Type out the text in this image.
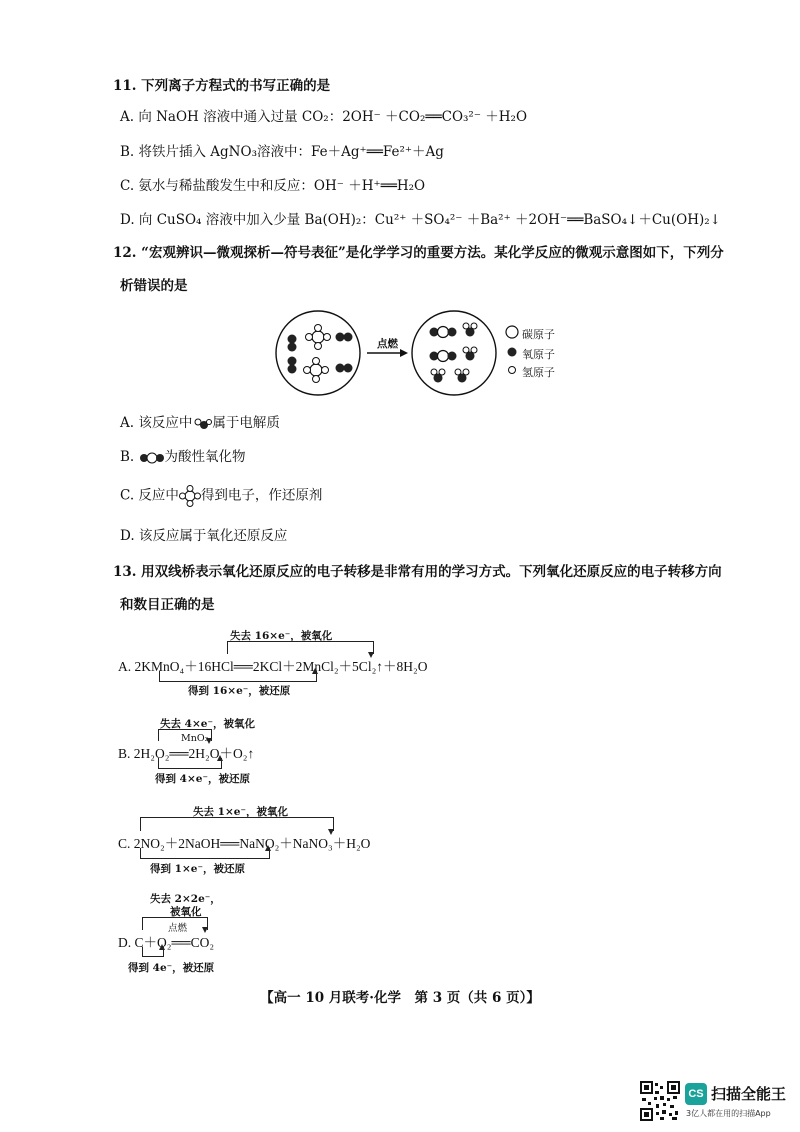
11. 下列离子方程式的书写正确的是
A. 向 NaOH 溶液中通入过量 CO₂：2OH⁻ ＋CO₂══CO₃²⁻ ＋H₂O
B. 将铁片插入 AgNO₃溶液中：Fe＋Ag⁺══Fe²⁺＋Ag
C. 氨水与稀盐酸发生中和反应：OH⁻ ＋H⁺══H₂O
D. 向 CuSO₄ 溶液中加入少量 Ba(OH)₂：Cu²⁺ ＋SO₄²⁻ ＋Ba²⁺ ＋2OH⁻══BaSO₄↓＋Cu(OH)₂↓
12. “宏观辨识—微观探析—符号表征”是化学学习的重要方法。某化学反应的微观示意图如下，下列分
析错误的是
点燃
碳原子
氧原子
氢原子
A. 该反应中 属于电解质
B. 为酸性氧化物
C. 反应中 得到电子，作还原剂
D. 该反应属于氧化还原反应
13. 用双线桥表示氧化还原反应的电子转移是非常有用的学习方式。下列氧化还原反应的电子转移方向
和数目正确的是
失去 16×e⁻，被氧化
A. 2KMnO₄＋16HCl══2KCl＋2MnCl₂＋5Cl₂↑＋8H₂O
得到 16×e⁻，被还原
失去 4×e⁻，被氧化
MnO₂
B. 2H₂O₂══2H₂O＋O₂↑
得到 4×e⁻，被还原
失去 1×e⁻，被氧化
C. 2NO₂＋2NaOH══NaNO₂＋NaNO₃＋H₂O
得到 1×e⁻，被还原
失去 2×2e⁻，
被氧化
点燃
D. C＋O₂══CO₂
得到 4e⁻，被还原
【高一 10 月联考·化学　第 3 页（共 6 页）】
CS 扫描全能王
3亿人都在用的扫描App
